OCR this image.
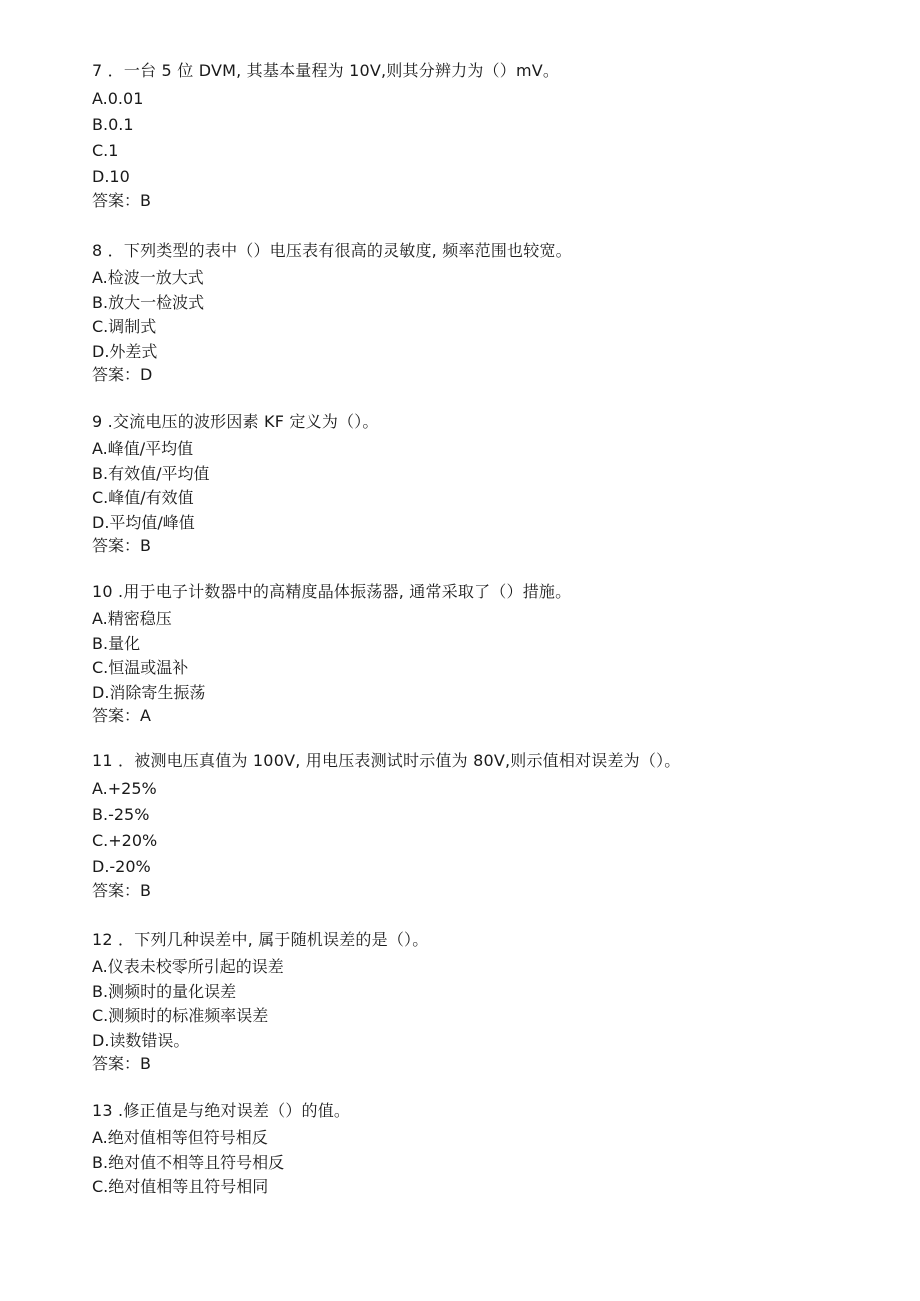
7 ．一台 5 位 DVM, 其基本量程为 10V,则其分辨力为（）mV。
A.0.01
B.0.1
C.1
D.10
答案：B
8 ．下列类型的表中（）电压表有很高的灵敏度, 频率范围也较宽。
A.检波一放大式
B.放大一检波式
C.调制式
D.外差式
答案：D
9 .交流电压的波形因素 KF 定义为（）。
A.峰值/平均值
B.有效值/平均值
C.峰值/有效值
D.平均值/峰值
答案：B
10 .用于电子计数器中的高精度晶体振荡器, 通常采取了（）措施。
A.精密稳压
B.量化
C.恒温或温补
D.消除寄生振荡
答案：A
11 ．被测电压真值为 100V, 用电压表测试时示值为 80V,则示值相对误差为（）。
A.+25%
B.-25%
C.+20%
D.-20%
答案：B
12 ．下列几种误差中, 属于随机误差的是（）。
A.仪表未校零所引起的误差
B.测频时的量化误差
C.测频时的标准频率误差
D.读数错误。
答案：B
13 .修正值是与绝对误差（）的值。
A.绝对值相等但符号相反
B.绝对值不相等且符号相反
C.绝对值相等且符号相同
